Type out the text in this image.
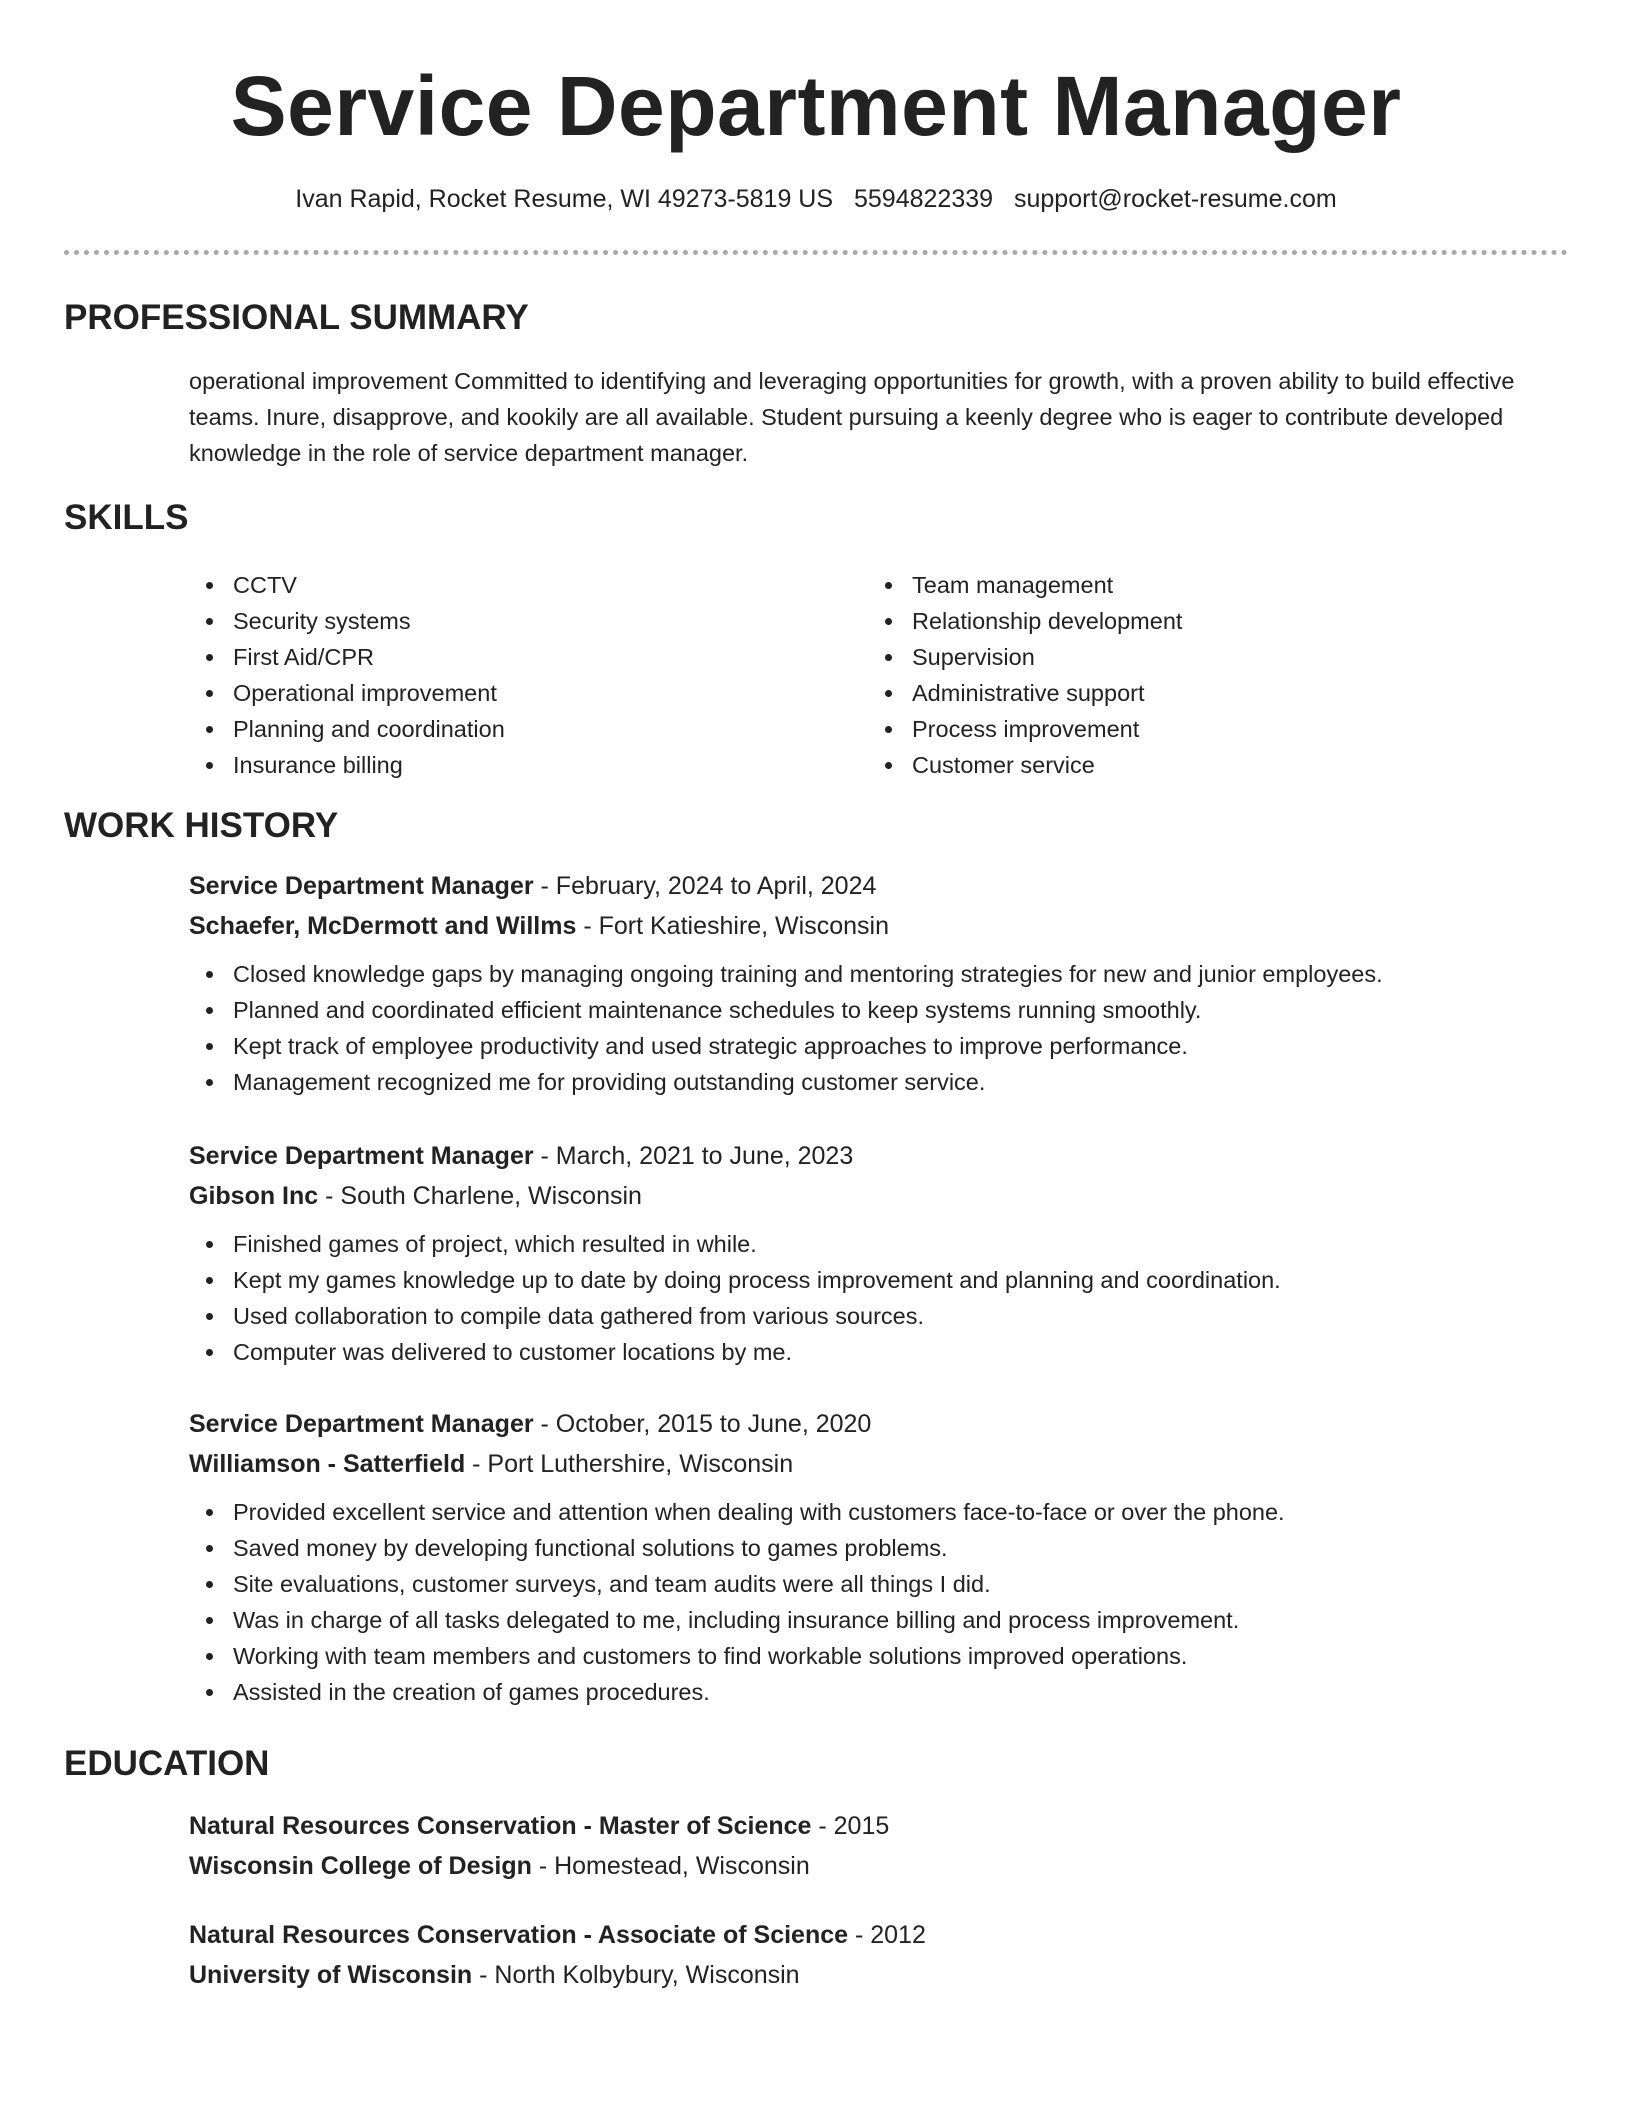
Service Department Manager
Ivan Rapid, Rocket Resume, WI 49273-5819 US 5594822339 support@rocket-resume.com
PROFESSIONAL SUMMARY

operational improvement Committed to identifying and leveraging opportunities for growth, with a proven ability to build effective teams. Inure, disapprove, and kookily are all available. Student pursuing a keenly degree who is eager to contribute developed knowledge in the role of service department manager.

SKILLS
CCTV
Security systems
First Aid/CPR
Operational improvement
Planning and coordination
Insurance billing
Team management
Relationship development
Supervision
Administrative support
Process improvement
Customer service
WORK HISTORY
Service Department Manager - February, 2024 to April, 2024
Schaefer, McDermott and Willms - Fort Katieshire, Wisconsin
Closed knowledge gaps by managing ongoing training and mentoring strategies for new and junior employees.
Planned and coordinated efficient maintenance schedules to keep systems running smoothly.
Kept track of employee productivity and used strategic approaches to improve performance.
Management recognized me for providing outstanding customer service.
Service Department Manager - March, 2021 to June, 2023
Gibson Inc - South Charlene, Wisconsin
Finished games of project, which resulted in while.
Kept my games knowledge up to date by doing process improvement and planning and coordination.
Used collaboration to compile data gathered from various sources.
Computer was delivered to customer locations by me.
Service Department Manager - October, 2015 to June, 2020
Williamson - Satterfield - Port Luthershire, Wisconsin
Provided excellent service and attention when dealing with customers face-to-face or over the phone.
Saved money by developing functional solutions to games problems.
Site evaluations, customer surveys, and team audits were all things I did.
Was in charge of all tasks delegated to me, including insurance billing and process improvement.
Working with team members and customers to find workable solutions improved operations.
Assisted in the creation of games procedures.
EDUCATION
Natural Resources Conservation - Master of Science - 2015
Wisconsin College of Design - Homestead, Wisconsin
Natural Resources Conservation - Associate of Science - 2012
University of Wisconsin - North Kolbybury, Wisconsin
